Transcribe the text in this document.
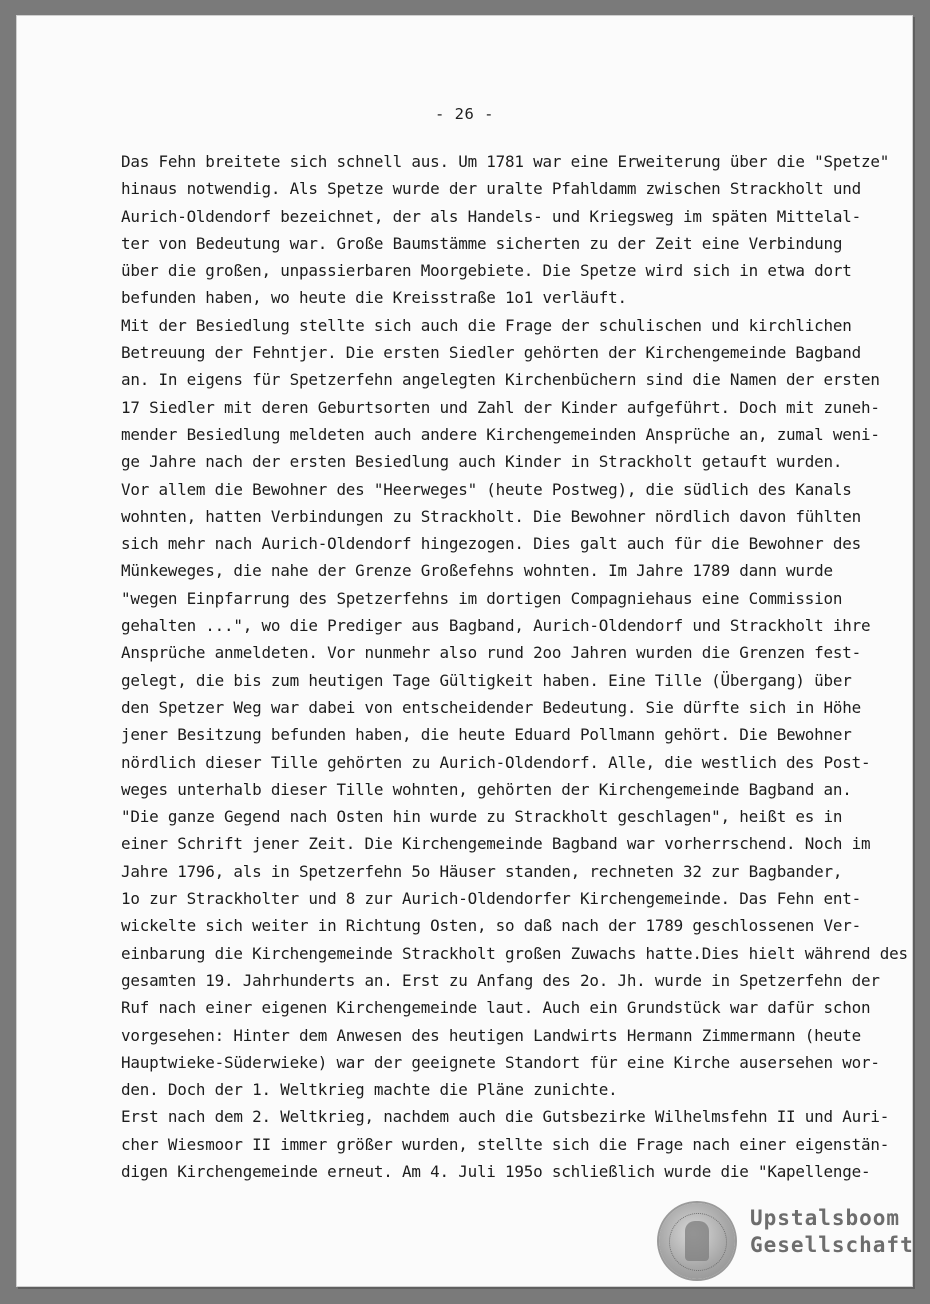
- 26 -
Das Fehn breitete sich schnell aus. Um 1781 war eine Erweiterung über die "Spetze"
hinaus notwendig. Als Spetze wurde der uralte Pfahldamm zwischen Strackholt und
Aurich-Oldendorf bezeichnet, der als Handels- und Kriegsweg im späten Mittelal-
ter von Bedeutung war. Große Baumstämme sicherten zu der Zeit eine Verbindung
über die großen, unpassierbaren Moorgebiete. Die Spetze wird sich in etwa dort
befunden haben, wo heute die Kreisstraße 1o1 verläuft.
Mit der Besiedlung stellte sich auch die Frage der schulischen und kirchlichen
Betreuung der Fehntjer. Die ersten Siedler gehörten der Kirchengemeinde Bagband
an. In eigens für Spetzerfehn angelegten Kirchenbüchern sind die Namen der ersten
17 Siedler mit deren Geburtsorten und Zahl der Kinder aufgeführt. Doch mit zuneh-
mender Besiedlung meldeten auch andere Kirchengemeinden Ansprüche an, zumal weni-
ge Jahre nach der ersten Besiedlung auch Kinder in Strackholt getauft wurden.
Vor allem die Bewohner des "Heerweges" (heute Postweg), die südlich des Kanals
wohnten, hatten Verbindungen zu Strackholt. Die Bewohner nördlich davon fühlten
sich mehr nach Aurich-Oldendorf hingezogen. Dies galt auch für die Bewohner des
Münkeweges, die nahe der Grenze Großefehns wohnten. Im Jahre 1789 dann wurde
"wegen Einpfarrung des Spetzerfehns im dortigen Compagniehaus eine Commission
gehalten ...", wo die Prediger aus Bagband, Aurich-Oldendorf und Strackholt ihre
Ansprüche anmeldeten. Vor nunmehr also rund 2oo Jahren wurden die Grenzen fest-
gelegt, die bis zum heutigen Tage Gültigkeit haben. Eine Tille (Übergang) über
den Spetzer Weg war dabei von entscheidender Bedeutung. Sie dürfte sich in Höhe
jener Besitzung befunden haben, die heute Eduard Pollmann gehört. Die Bewohner
nördlich dieser Tille gehörten zu Aurich-Oldendorf. Alle, die westlich des Post-
weges unterhalb dieser Tille wohnten, gehörten der Kirchengemeinde Bagband an.
"Die ganze Gegend nach Osten hin wurde zu Strackholt geschlagen", heißt es in
einer Schrift jener Zeit. Die Kirchengemeinde Bagband war vorherrschend. Noch im
Jahre 1796, als in Spetzerfehn 5o Häuser standen, rechneten 32 zur Bagbander,
1o zur Strackholter und 8 zur Aurich-Oldendorfer Kirchengemeinde. Das Fehn ent-
wickelte sich weiter in Richtung Osten, so daß nach der 1789 geschlossenen Ver-
einbarung die Kirchengemeinde Strackholt großen Zuwachs hatte.Dies hielt während des
gesamten 19. Jahrhunderts an. Erst zu Anfang des 2o. Jh. wurde in Spetzerfehn der
Ruf nach einer eigenen Kirchengemeinde laut. Auch ein Grundstück war dafür schon
vorgesehen: Hinter dem Anwesen des heutigen Landwirts Hermann Zimmermann (heute
Hauptwieke-Süderwieke) war der geeignete Standort für eine Kirche ausersehen wor-
den. Doch der 1. Weltkrieg machte die Pläne zunichte.
Erst nach dem 2. Weltkrieg, nachdem auch die Gutsbezirke Wilhelmsfehn II und Auri-
cher Wiesmoor II immer größer wurden, stellte sich die Frage nach einer eigenstän-
digen Kirchengemeinde erneut. Am 4. Juli 195o schließlich wurde die "Kapellenge-
Upstalsboom
Gesellschaft
